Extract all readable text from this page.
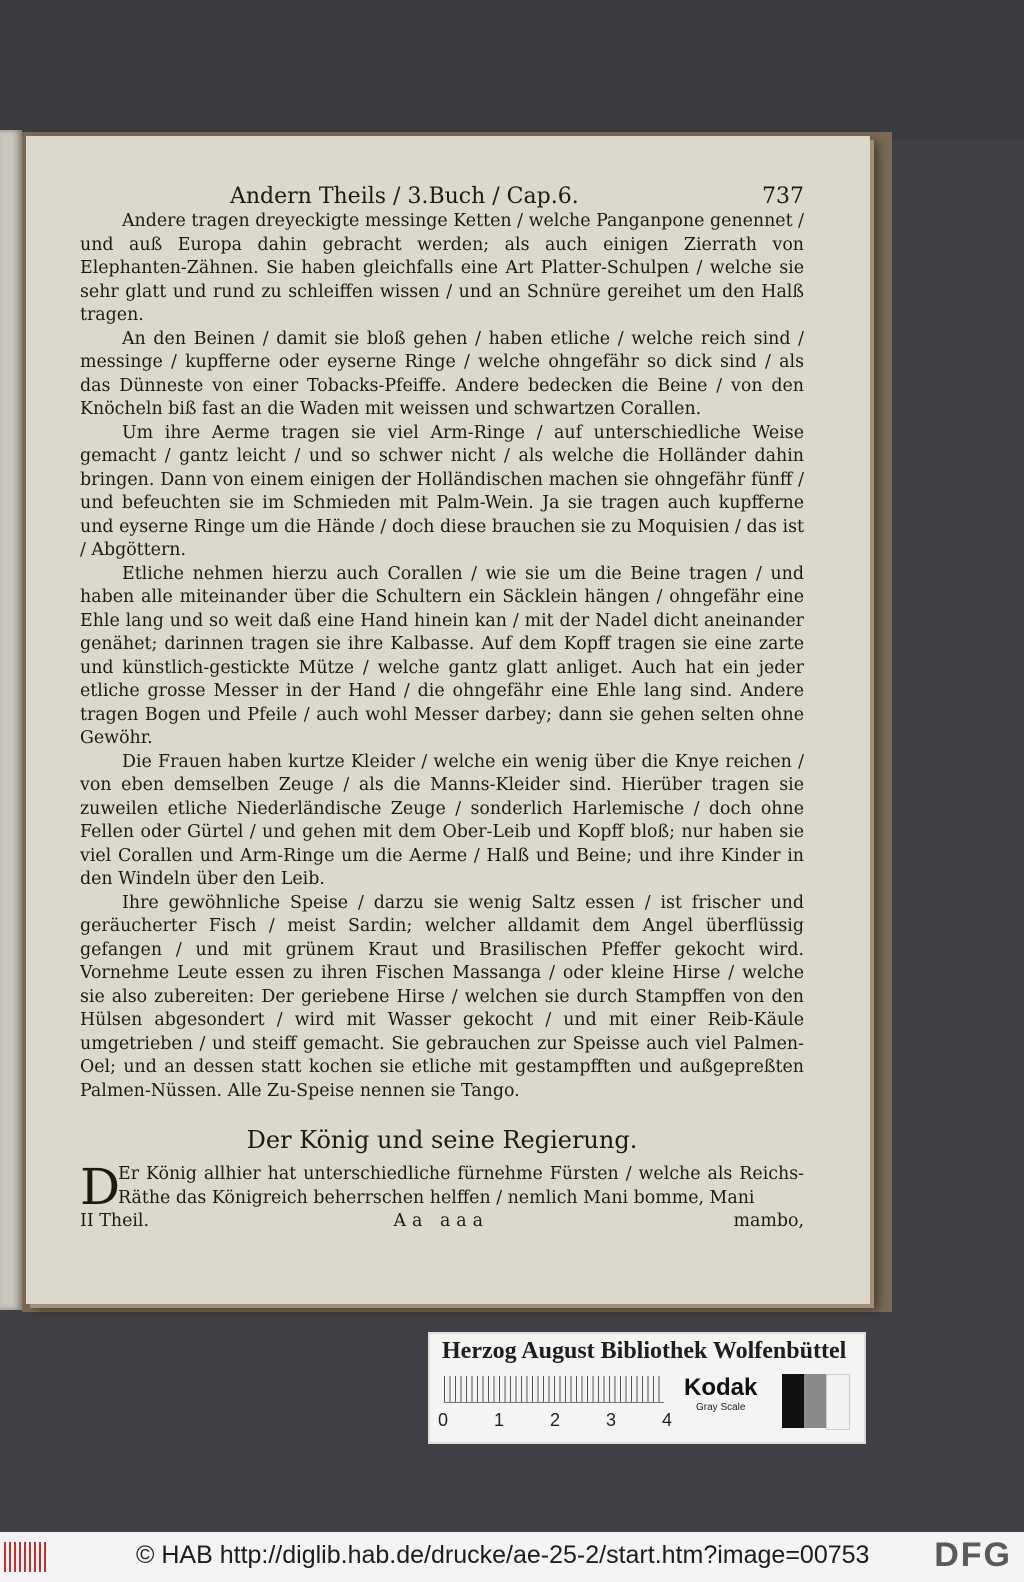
Andern Theils / 3.Buch / Cap.6.	737

Andere tragen dreyeckigte messinge Ketten / welche Panganpone genennet / und auß Europa dahin gebracht werden; als auch einigen Zierrath von Elephanten-Zähnen. Sie haben gleichfalls eine Art Platter-Schulpen / welche sie sehr glatt und rund zu schleiffen wissen / und an Schnüre gereihet um den Halß tragen.

An den Beinen / damit sie bloß gehen / haben etliche / welche reich sind / messinge / kupfferne oder eyserne Ringe / welche ohngefähr so dick sind / als das Dünneste von einer Tobacks-Pfeiffe. Andere bedecken die Beine / von den Knöcheln biß fast an die Waden mit weissen und schwartzen Corallen.

Um ihre Aerme tragen sie viel Arm-Ringe / auf unterschiedliche Weise gemacht / gantz leicht / und so schwer nicht / als welche die Holländer dahin bringen. Dann von einem einigen der Holländischen machen sie ohngefähr fünff / und befeuchten sie im Schmieden mit Palm-Wein. Ja sie tragen auch kupfferne und eyserne Ringe um die Hände / doch diese brauchen sie zu Moquisien / das ist / Abgöttern.

Etliche nehmen hierzu auch Corallen / wie sie um die Beine tragen / und haben alle miteinander über die Schultern ein Säcklein hängen / ohngefähr eine Ehle lang und so weit daß eine Hand hinein kan / mit der Nadel dicht aneinander genähet; darinnen tragen sie ihre Kalbasse. Auf dem Kopff tragen sie eine zarte und künstlich-gestickte Mütze / welche gantz glatt anliget. Auch hat ein jeder etliche grosse Messer in der Hand / die ohngefähr eine Ehle lang sind. Andere tragen Bogen und Pfeile / auch wohl Messer darbey; dann sie gehen selten ohne Gewöhr.

Die Frauen haben kurtze Kleider / welche ein wenig über die Knye reichen / von eben demselben Zeuge / als die Manns-Kleider sind. Hierüber tragen sie zuweilen etliche Niederländische Zeuge / sonderlich Harlemische / doch ohne Fellen oder Gürtel / und gehen mit dem Ober-Leib und Kopff bloß; nur haben sie viel Corallen und Arm-Ringe um die Aerme / Halß und Beine; und ihre Kinder in den Windeln über den Leib.

Ihre gewöhnliche Speise / darzu sie wenig Saltz essen / ist frischer und geräucherter Fisch / meist Sardin; welcher alldamit dem Angel überflüssig gefangen / und mit grünem Kraut und Brasilischen Pfeffer gekocht wird. Vornehme Leute essen zu ihren Fischen Massanga / oder kleine Hirse / welche sie also zubereiten: Der geriebene Hirse / welchen sie durch Stampffen von den Hülsen abgesondert / wird mit Wasser gekocht / und mit einer Reib-Käule umgetrieben / und steiff gemacht. Sie gebrauchen zur Speisse auch viel Palmen-Oel; und an dessen statt kochen sie etliche mit gestampfften und außgepreßten Palmen-Nüssen. Alle Zu-Speise nennen sie Tango.

Der König und seine Regierung.
D
Er König allhier hat unterschiedliche fürnehme Fürsten / welche als Reichs-Räthe das Königreich beherrschen helffen / nemlich Mani bomme, Mani
II Theil.	Aa aaa	mambo,
Herzog August Bibliothek Wolfenbüttel
0	1	2	3	4
Kodak
Gray Scale
© HAB http://diglib.hab.de/drucke/ae-25-2/start.htm?image=00753 DFG
